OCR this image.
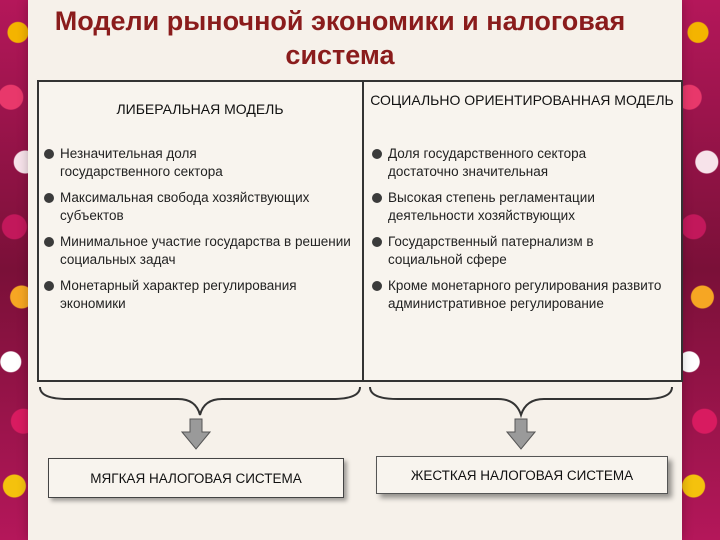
Модели рыночной экономики и налоговая система
ЛИБЕРАЛЬНАЯ МОДЕЛЬ
СОЦИАЛЬНО ОРИЕНТИРОВАННАЯ МОДЕЛЬ
Незначительная доля государственного сектора
Максимальная свобода хозяйствующих субъектов
Минимальное участие государства в решении социальных задач
Монетарный характер регулирования экономики
Доля государственного сектора достаточно значительная
Высокая степень регламентации деятельности хозяйствующих
Государственный патернализм в социальной сфере
Кроме монетарного регулирования развито административное регулирование
МЯГКАЯ НАЛОГОВАЯ СИСТЕМА	ЖЕСТКАЯ НАЛОГОВАЯ СИСТЕМА
